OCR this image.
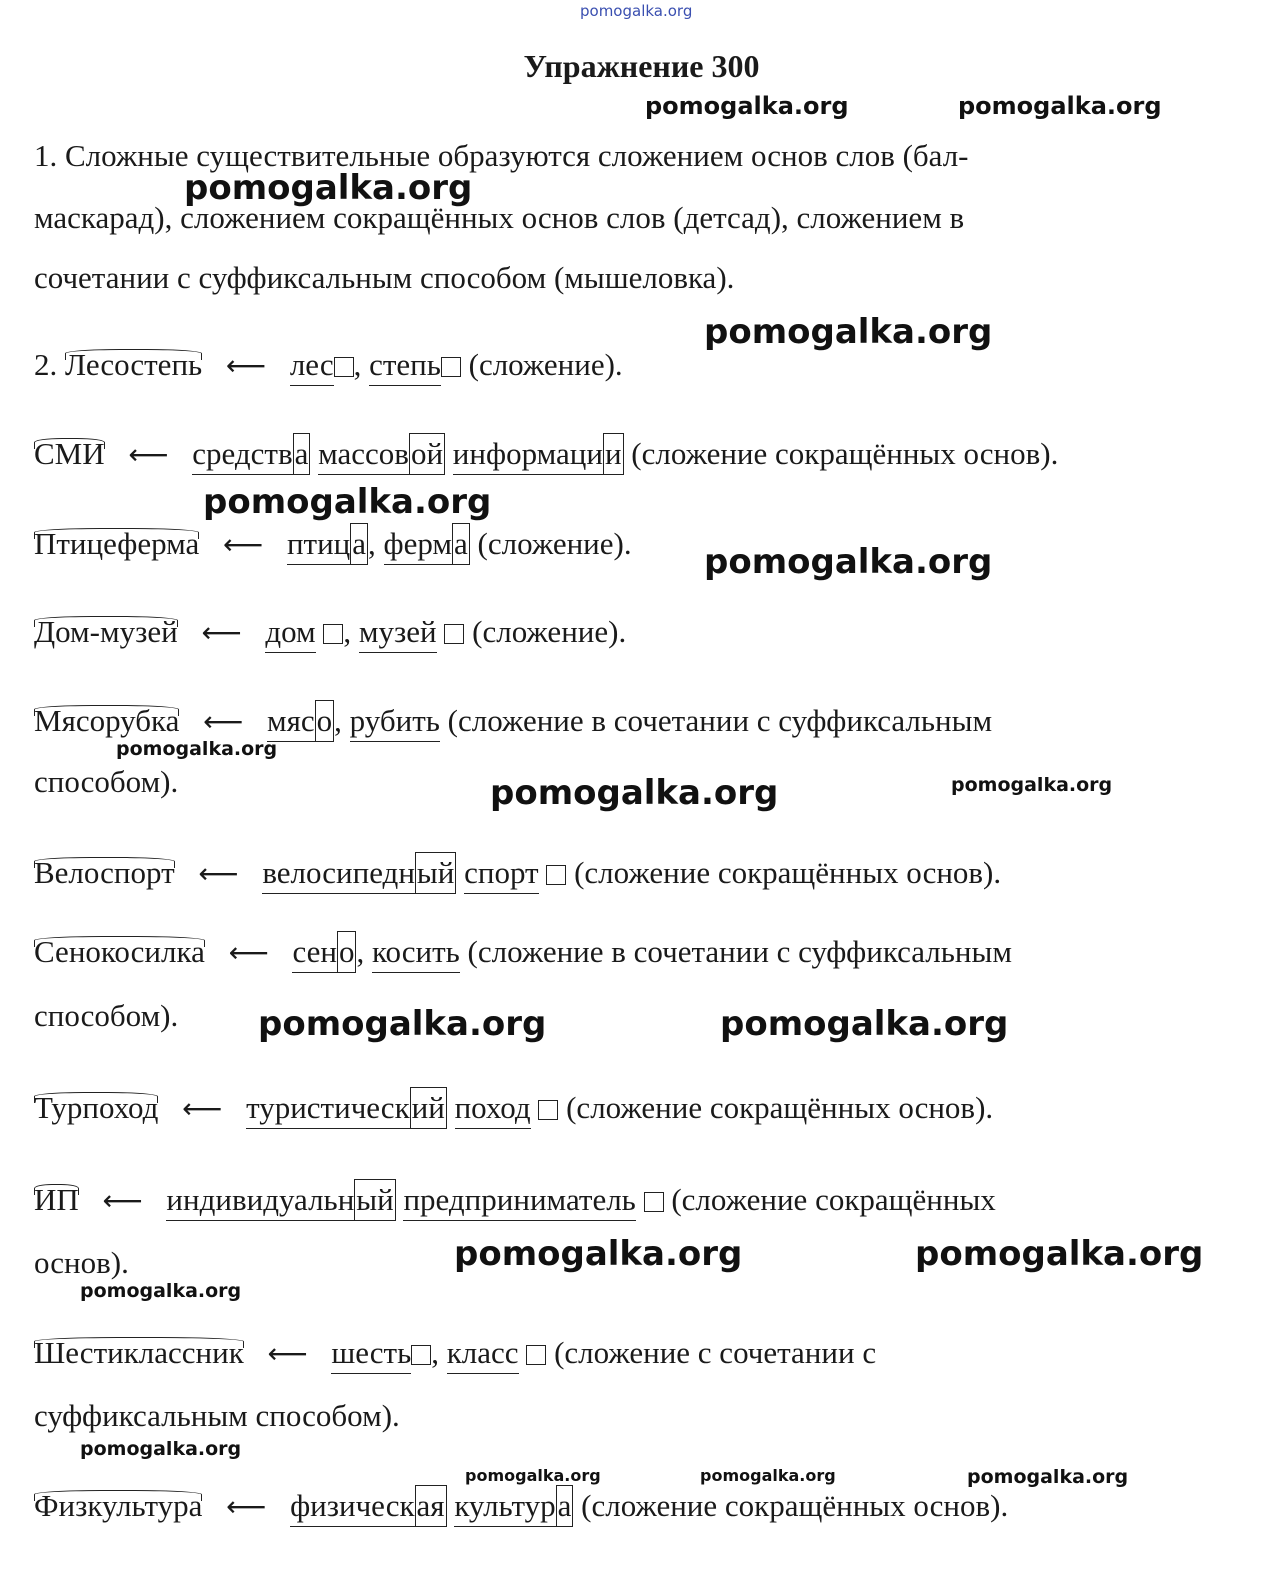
pomogalka.org
pomogalka.org	pomogalka.org
pomogalka.org
pomogalka.org
pomogalka.org
pomogalka.org
pomogalka.org
pomogalka.org	pomogalka.org
pomogalka.org	pomogalka.org
pomogalka.org	pomogalka.org
pomogalka.org
pomogalka.org
pomogalka.org	pomogalka.org	pomogalka.org
Упражнение 300
1. Сложные существительные образуются сложением основ слов (бал-
маскарад), сложением сокращённых основ слов (детсад), сложением в
сочетании с суффиксальным способом (мышеловка).
2. Лесостепь ⟵ лес , степь (сложение).
СМИ ⟵ средства массовой информации (сложение сокращённых основ).
Птицеферма ⟵ птица, ферма (сложение).
Дом-музей ⟵ дом , музей (сложение).
Мясорубка ⟵ мясо, рубить (сложение в сочетании с суффиксальным
способом).
Велоспорт ⟵ велосипедный спорт (сложение сокращённых основ).
Сенокосилка ⟵ сено, косить (сложение в сочетании с суффиксальным
способом).
Турпоход ⟵ туристический поход (сложение сокращённых основ).
ИП ⟵ индивидуальный предприниматель (сложение сокращённых
основ).
Шестиклассник ⟵ шесть , класс (сложение с сочетании с
суффиксальным способом).
Физкультура ⟵ физическая культура (сложение сокращённых основ).
